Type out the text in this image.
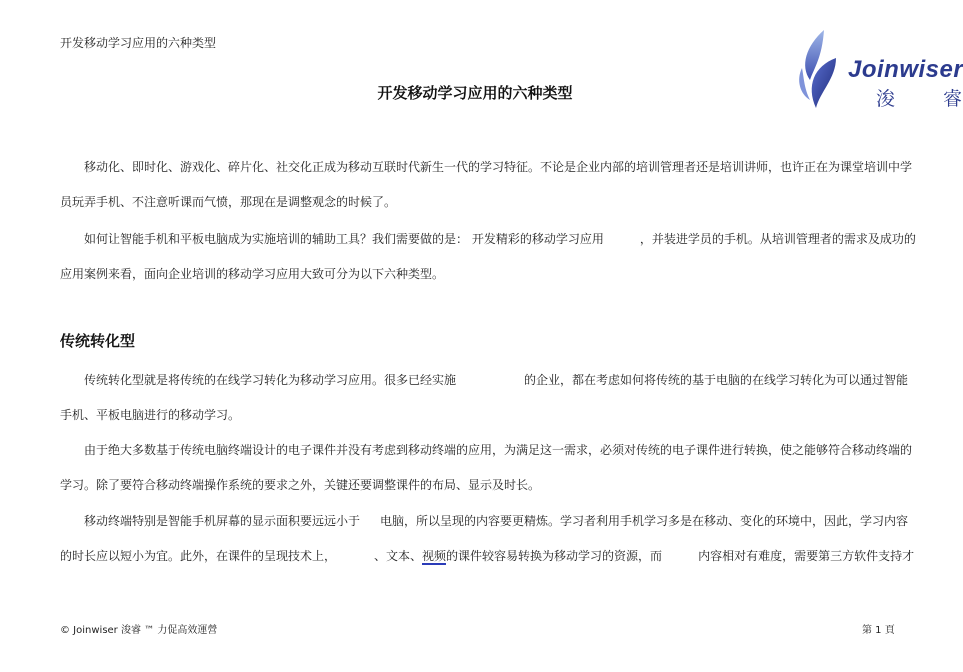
开发移动学习应用的六种类型
Joinwiser
浚	睿
开发移动学习应用的六种类型
移动化、即时化、游戏化、碎片化、社交化正成为移动互联时代新生一代的学习特征。不论是企业内部的培训管理者还是培训讲师，也许正在为课堂培训中学
员玩弄手机、不注意听课而气愤，那现在是调整观念的时候了。
如何让智能手机和平板电脑成为实施培训的辅助工具？我们需要做的是： 开发精彩的移动学习应用	，并装进学员的手机。从培训管理者的需求及成功的
应用案例来看，面向企业培训的移动学习应用大致可分为以下六种类型。
传统转化型
传统转化型就是将传统的在线学习转化为移动学习应用。很多已经实施	的企业，都在考虑如何将传统的基于电脑的在线学习转化为可以通过智能
手机、平板电脑进行的移动学习。
由于绝大多数基于传统电脑终端设计的电子课件并没有考虑到移动终端的应用，为满足这一需求，必须对传统的电子课件进行转换，使之能够符合移动终端的
学习。除了要符合移动终端操作系统的要求之外，关键还要调整课件的布局、显示及时长。
移动终端特别是智能手机屏幕的显示面积要远远小于 电脑，所以呈现的内容要更精炼。学习者利用手机学习多是在移动、变化的环境中，因此，学习内容
的时长应以短小为宜。此外，在课件的呈现技术上，	、文本、视频的课件较容易转换为移动学习的资源，而	内容相对有难度，需要第三方软件支持才
© Joinwiser 浚睿 ™ 力促高效運營	第 1 頁
